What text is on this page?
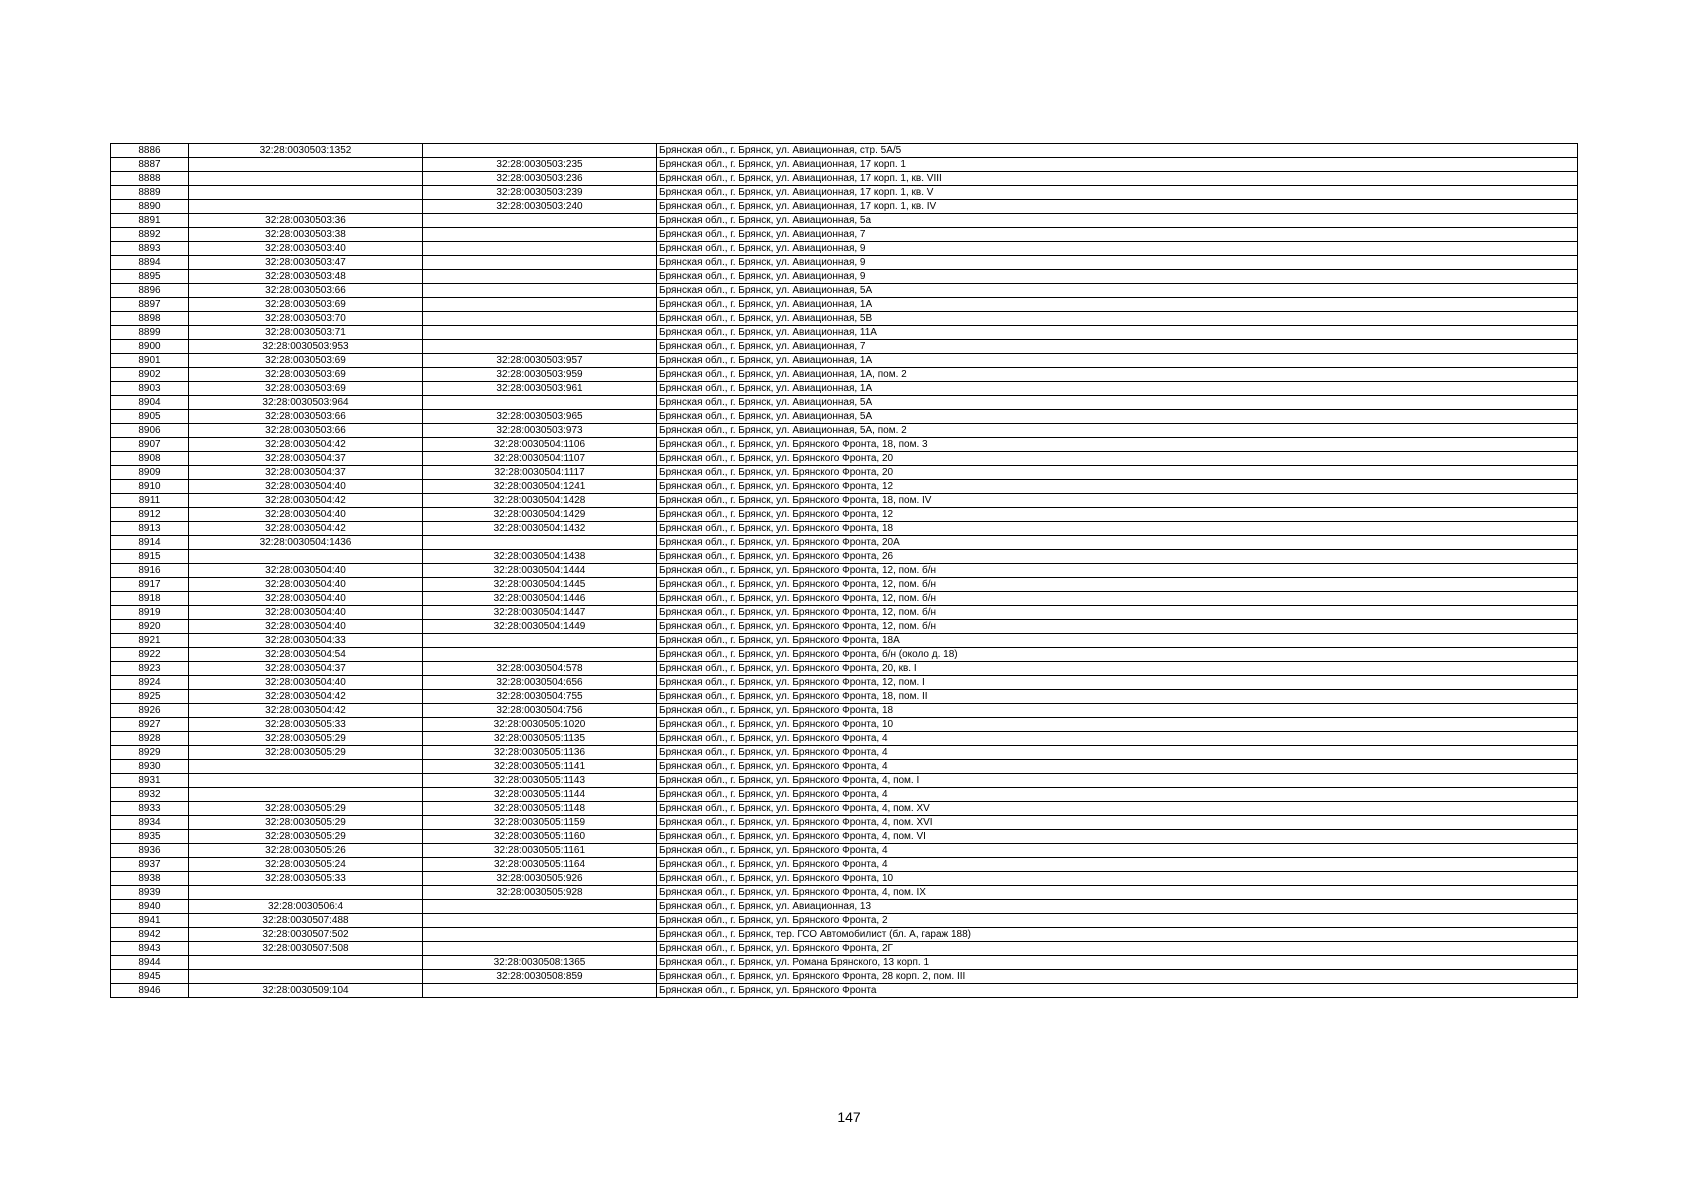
8886	32:28:0030503:1352		Брянская обл., г. Брянск, ул. Авиационная, стр. 5А/5
8887		32:28:0030503:235	Брянская обл., г. Брянск, ул. Авиационная, 17 корп. 1
8888		32:28:0030503:236	Брянская обл., г. Брянск, ул. Авиационная, 17 корп. 1, кв. VIII
8889		32:28:0030503:239	Брянская обл., г. Брянск, ул. Авиационная, 17 корп. 1, кв. V
8890		32:28:0030503:240	Брянская обл., г. Брянск, ул. Авиационная, 17 корп. 1, кв. IV
8891	32:28:0030503:36		Брянская обл., г. Брянск, ул. Авиационная, 5а
8892	32:28:0030503:38		Брянская обл., г. Брянск, ул. Авиационная, 7
8893	32:28:0030503:40		Брянская обл., г. Брянск, ул. Авиационная, 9
8894	32:28:0030503:47		Брянская обл., г. Брянск, ул. Авиационная, 9
8895	32:28:0030503:48		Брянская обл., г. Брянск, ул. Авиационная, 9
8896	32:28:0030503:66		Брянская обл., г. Брянск, ул. Авиационная, 5А
8897	32:28:0030503:69		Брянская обл., г. Брянск, ул. Авиационная, 1А
8898	32:28:0030503:70		Брянская обл., г. Брянск, ул. Авиационная, 5В
8899	32:28:0030503:71		Брянская обл., г. Брянск, ул. Авиационная, 11А
8900	32:28:0030503:953		Брянская обл., г. Брянск, ул. Авиационная, 7
8901	32:28:0030503:69	32:28:0030503:957	Брянская обл., г. Брянск, ул. Авиационная, 1А
8902	32:28:0030503:69	32:28:0030503:959	Брянская обл., г. Брянск, ул. Авиационная, 1А, пом. 2
8903	32:28:0030503:69	32:28:0030503:961	Брянская обл., г. Брянск, ул. Авиационная, 1А
8904	32:28:0030503:964		Брянская обл., г. Брянск, ул. Авиационная, 5А
8905	32:28:0030503:66	32:28:0030503:965	Брянская обл., г. Брянск, ул. Авиационная, 5А
8906	32:28:0030503:66	32:28:0030503:973	Брянская обл., г. Брянск, ул. Авиационная, 5А, пом. 2
8907	32:28:0030504:42	32:28:0030504:1106	Брянская обл., г. Брянск, ул. Брянского Фронта, 18, пом. 3
8908	32:28:0030504:37	32:28:0030504:1107	Брянская обл., г. Брянск, ул. Брянского Фронта, 20
8909	32:28:0030504:37	32:28:0030504:1117	Брянская обл., г. Брянск, ул. Брянского Фронта, 20
8910	32:28:0030504:40	32:28:0030504:1241	Брянская обл., г. Брянск, ул. Брянского Фронта, 12
8911	32:28:0030504:42	32:28:0030504:1428	Брянская обл., г. Брянск, ул. Брянского Фронта, 18, пом. IV
8912	32:28:0030504:40	32:28:0030504:1429	Брянская обл., г. Брянск, ул. Брянского Фронта, 12
8913	32:28:0030504:42	32:28:0030504:1432	Брянская обл., г. Брянск, ул. Брянского Фронта, 18
8914	32:28:0030504:1436		Брянская обл., г. Брянск, ул. Брянского Фронта, 20А
8915		32:28:0030504:1438	Брянская обл., г. Брянск, ул. Брянского Фронта, 26
8916	32:28:0030504:40	32:28:0030504:1444	Брянская обл., г. Брянск, ул. Брянского Фронта, 12, пом. б/н
8917	32:28:0030504:40	32:28:0030504:1445	Брянская обл., г. Брянск, ул. Брянского Фронта, 12, пом. б/н
8918	32:28:0030504:40	32:28:0030504:1446	Брянская обл., г. Брянск, ул. Брянского Фронта, 12, пом. б/н
8919	32:28:0030504:40	32:28:0030504:1447	Брянская обл., г. Брянск, ул. Брянского Фронта, 12, пом. б/н
8920	32:28:0030504:40	32:28:0030504:1449	Брянская обл., г. Брянск, ул. Брянского Фронта, 12, пом. б/н
8921	32:28:0030504:33		Брянская обл., г. Брянск, ул. Брянского Фронта, 18А
8922	32:28:0030504:54		Брянская обл., г. Брянск, ул. Брянского Фронта, б/н (около д. 18)
8923	32:28:0030504:37	32:28:0030504:578	Брянская обл., г. Брянск, ул. Брянского Фронта, 20, кв. I
8924	32:28:0030504:40	32:28:0030504:656	Брянская обл., г. Брянск, ул. Брянского Фронта, 12, пом. I
8925	32:28:0030504:42	32:28:0030504:755	Брянская обл., г. Брянск, ул. Брянского Фронта, 18, пом. II
8926	32:28:0030504:42	32:28:0030504:756	Брянская обл., г. Брянск, ул. Брянского Фронта, 18
8927	32:28:0030505:33	32:28:0030505:1020	Брянская обл., г. Брянск, ул. Брянского Фронта, 10
8928	32:28:0030505:29	32:28:0030505:1135	Брянская обл., г. Брянск, ул. Брянского Фронта, 4
8929	32:28:0030505:29	32:28:0030505:1136	Брянская обл., г. Брянск, ул. Брянского Фронта, 4
8930		32:28:0030505:1141	Брянская обл., г. Брянск, ул. Брянского Фронта, 4
8931		32:28:0030505:1143	Брянская обл., г. Брянск, ул. Брянского Фронта, 4, пом. I
8932		32:28:0030505:1144	Брянская обл., г. Брянск, ул. Брянского Фронта, 4
8933	32:28:0030505:29	32:28:0030505:1148	Брянская обл., г. Брянск, ул. Брянского Фронта, 4, пом. XV
8934	32:28:0030505:29	32:28:0030505:1159	Брянская обл., г. Брянск, ул. Брянского Фронта, 4, пом. XVI
8935	32:28:0030505:29	32:28:0030505:1160	Брянская обл., г. Брянск, ул. Брянского Фронта, 4, пом. VI
8936	32:28:0030505:26	32:28:0030505:1161	Брянская обл., г. Брянск, ул. Брянского Фронта, 4
8937	32:28:0030505:24	32:28:0030505:1164	Брянская обл., г. Брянск, ул. Брянского Фронта, 4
8938	32:28:0030505:33	32:28:0030505:926	Брянская обл., г. Брянск, ул. Брянского Фронта, 10
8939		32:28:0030505:928	Брянская обл., г. Брянск, ул. Брянского Фронта, 4, пом. IX
8940	32:28:0030506:4		Брянская обл., г. Брянск, ул. Авиационная, 13
8941	32:28:0030507:488		Брянская обл., г. Брянск, ул. Брянского Фронта, 2
8942	32:28:0030507:502		Брянская обл., г. Брянск, тер. ГСО Автомобилист (бл. А, гараж 188)
8943	32:28:0030507:508		Брянская обл., г. Брянск, ул. Брянского Фронта, 2Г
8944		32:28:0030508:1365	Брянская обл., г. Брянск, ул. Романа Брянского, 13 корп. 1
8945		32:28:0030508:859	Брянская обл., г. Брянск, ул. Брянского Фронта, 28 корп. 2, пом. III
8946	32:28:0030509:104		Брянская обл., г. Брянск, ул. Брянского Фронта
147
